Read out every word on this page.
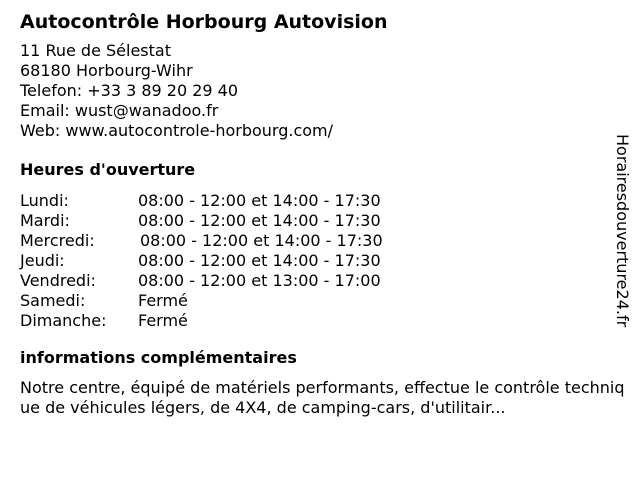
Autocontrôle Horbourg Autovision
11 Rue de Sélestat
68180 Horbourg-Wihr
Telefon: +33 3 89 20 29 40
Email: wust@wanadoo.fr
Web: www.autocontrole-horbourg.com/
Heures d'ouverture
Lundi:	08:00 - 12:00 et 14:00 - 17:30
Mardi:	08:00 - 12:00 et 14:00 - 17:30
Mercredi:	08:00 - 12:00 et 14:00 - 17:30
Jeudi:	08:00 - 12:00 et 14:00 - 17:30
Vendredi:	08:00 - 12:00 et 13:00 - 17:00
Samedi:	Fermé
Dimanche:	Fermé
informations complémentaires
Notre centre, équipé de matériels performants, effectue le contrôle technique de véhicules légers, de 4X4, de camping-cars, d'utilitair...
Horairesdouverture24.fr
